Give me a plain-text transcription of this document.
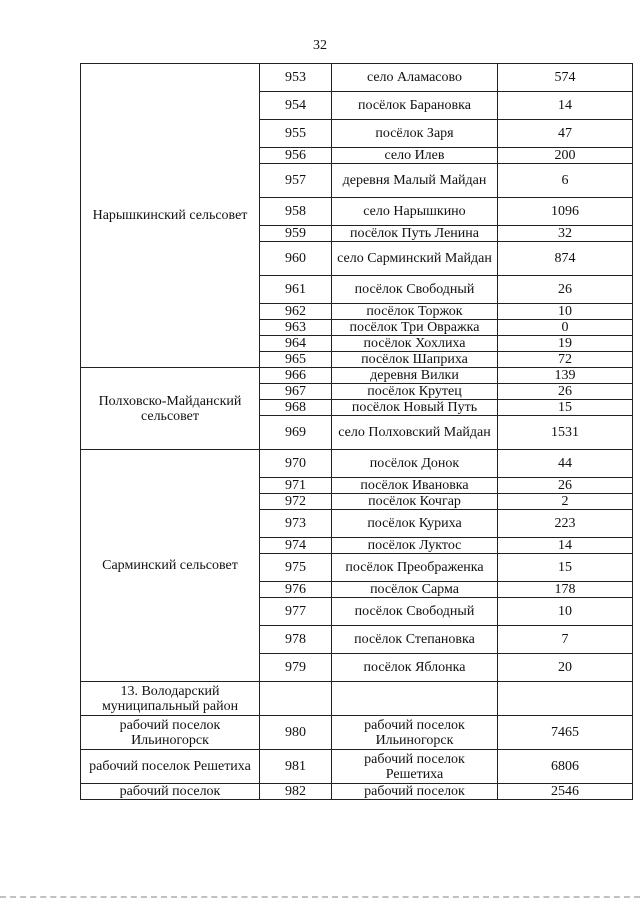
32
Нарышкинский сельсовет	953	село Аламасово	574
	954	посёлок Барановка	14
	955	посёлок Заря	47
	956	село Илев	200
	957	деревня Малый Майдан	6
	958	село Нарышкино	1096
	959	посёлок Путь Ленина	32
	960	село Сарминский Майдан	874
	961	посёлок Свободный	26
	962	посёлок Торжок	10
	963	посёлок Три Овражка	0
	964	посёлок Хохлиха	19
	965	посёлок Шаприха	72
Полховско-Майданский сельсовет	966	деревня Вилки	139
	967	посёлок Крутец	26
	968	посёлок Новый Путь	15
	969	село Полховский Майдан	1531
Сарминский сельсовет	970	посёлок Донок	44
	971	посёлок Ивановка	26
	972	посёлок Кочгар	2
	973	посёлок Куриха	223
	974	посёлок Луктос	14
	975	посёлок Преображенка	15
	976	посёлок Сарма	178
	977	посёлок Свободный	10
	978	посёлок Степановка	7
	979	посёлок Яблонка	20
13. Володарский муниципальный район			
рабочий поселок Ильиногорск	980	рабочий поселок Ильиногорск	7465
рабочий поселок Решетиха	981	рабочий поселок Решетиха	6806
рабочий поселок	982	рабочий поселок	2546
